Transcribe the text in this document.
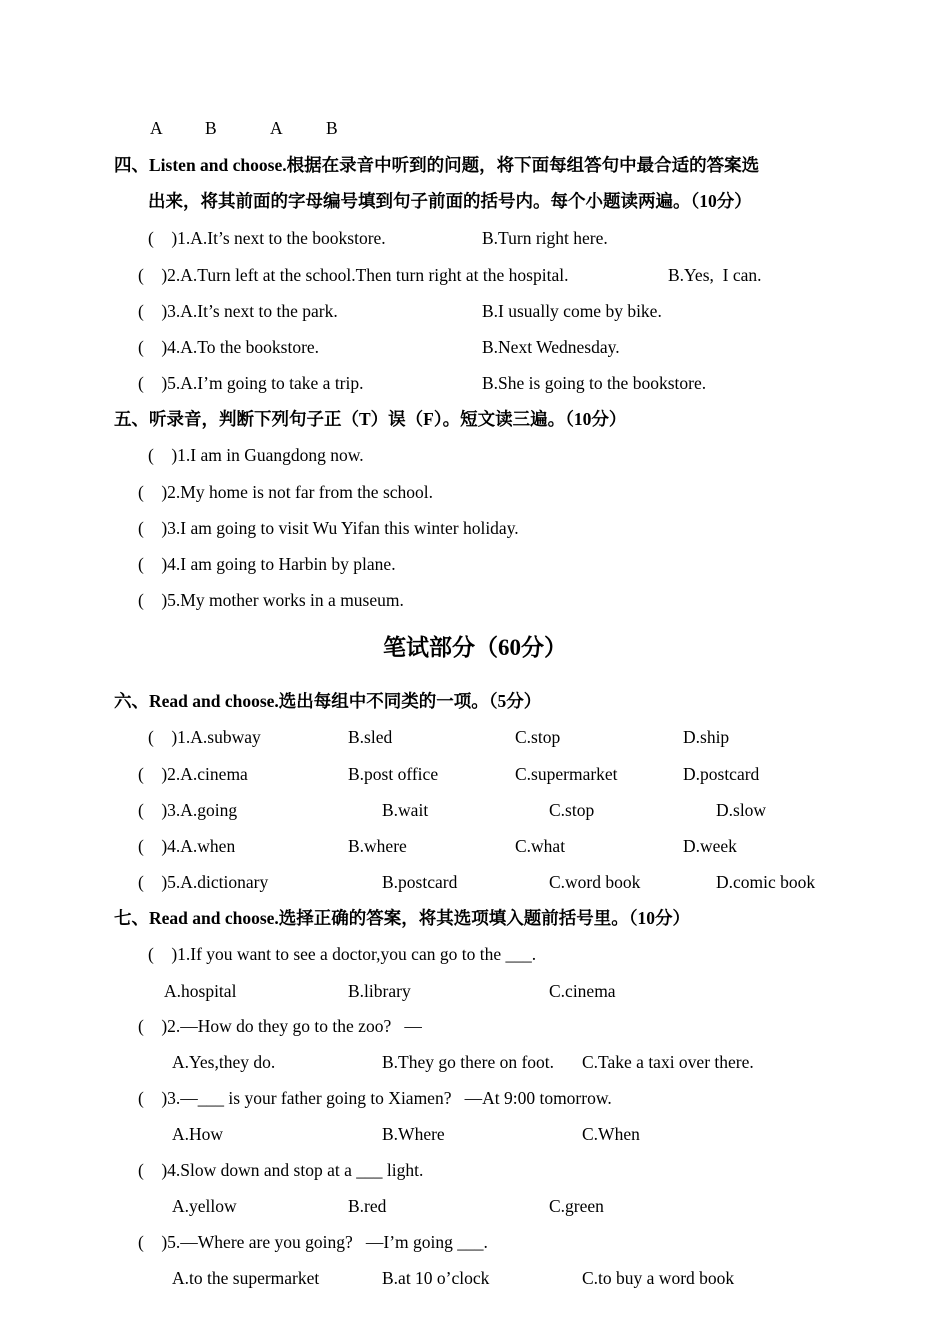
A B	A B
四、Listen and choose.根据在录音中听到的问题，将下面每组答句中最合适的答案选
出来，将其前面的字母编号填到句子前面的括号内。每个小题读两遍。（10分）
(    )1.A.It’s next to the bookstore.	B.Turn right here.
(    )2.A.Turn left at the school.Then turn right at the hospital.	B.Yes,  I can.
(    )3.A.It’s next to the park.	B.I usually come by bike.
(    )4.A.To the bookstore.	B.Next Wednesday.
(    )5.A.I’m going to take a trip.	B.She is going to the bookstore.
五、听录音，判断下列句子正（T）误（F）。短文读三遍。（10分）
(    )1.I am in Guangdong now.
(    )2.My home is not far from the school.
(    )3.I am going to visit Wu Yifan this winter holiday.
(    )4.I am going to Harbin by plane.
(    )5.My mother works in a museum.
笔试部分（60分）
六、Read and choose.选出每组中不同类的一项。（5分）
(    )1.A.subway	B.sled	C.stop	D.ship
(    )2.A.cinema	B.post office	C.supermarket	D.postcard
(    )3.A.going	B.wait	C.stop	D.slow
(    )4.A.when	B.where	C.what	D.week
(    )5.A.dictionary	B.postcard	C.word book	D.comic book
七、Read and choose.选择正确的答案，将其选项填入题前括号里。（10分）
(    )1.If you want to see a doctor,you can go to the ___.
A.hospital	B.library	C.cinema
(    )2.—How do they go to the zoo?   —
A.Yes,they do.	B.They go there on foot. C.Take a taxi over there.
(    )3.—___ is your father going to Xiamen?   —At 9:00 tomorrow.
A.How	B.Where	C.When
(    )4.Slow down and stop at a ___ light.
A.yellow	B.red	C.green
(    )5.—Where are you going?   —I’m going ___.
A.to the supermarket	B.at 10 o’clock	C.to buy a word book
